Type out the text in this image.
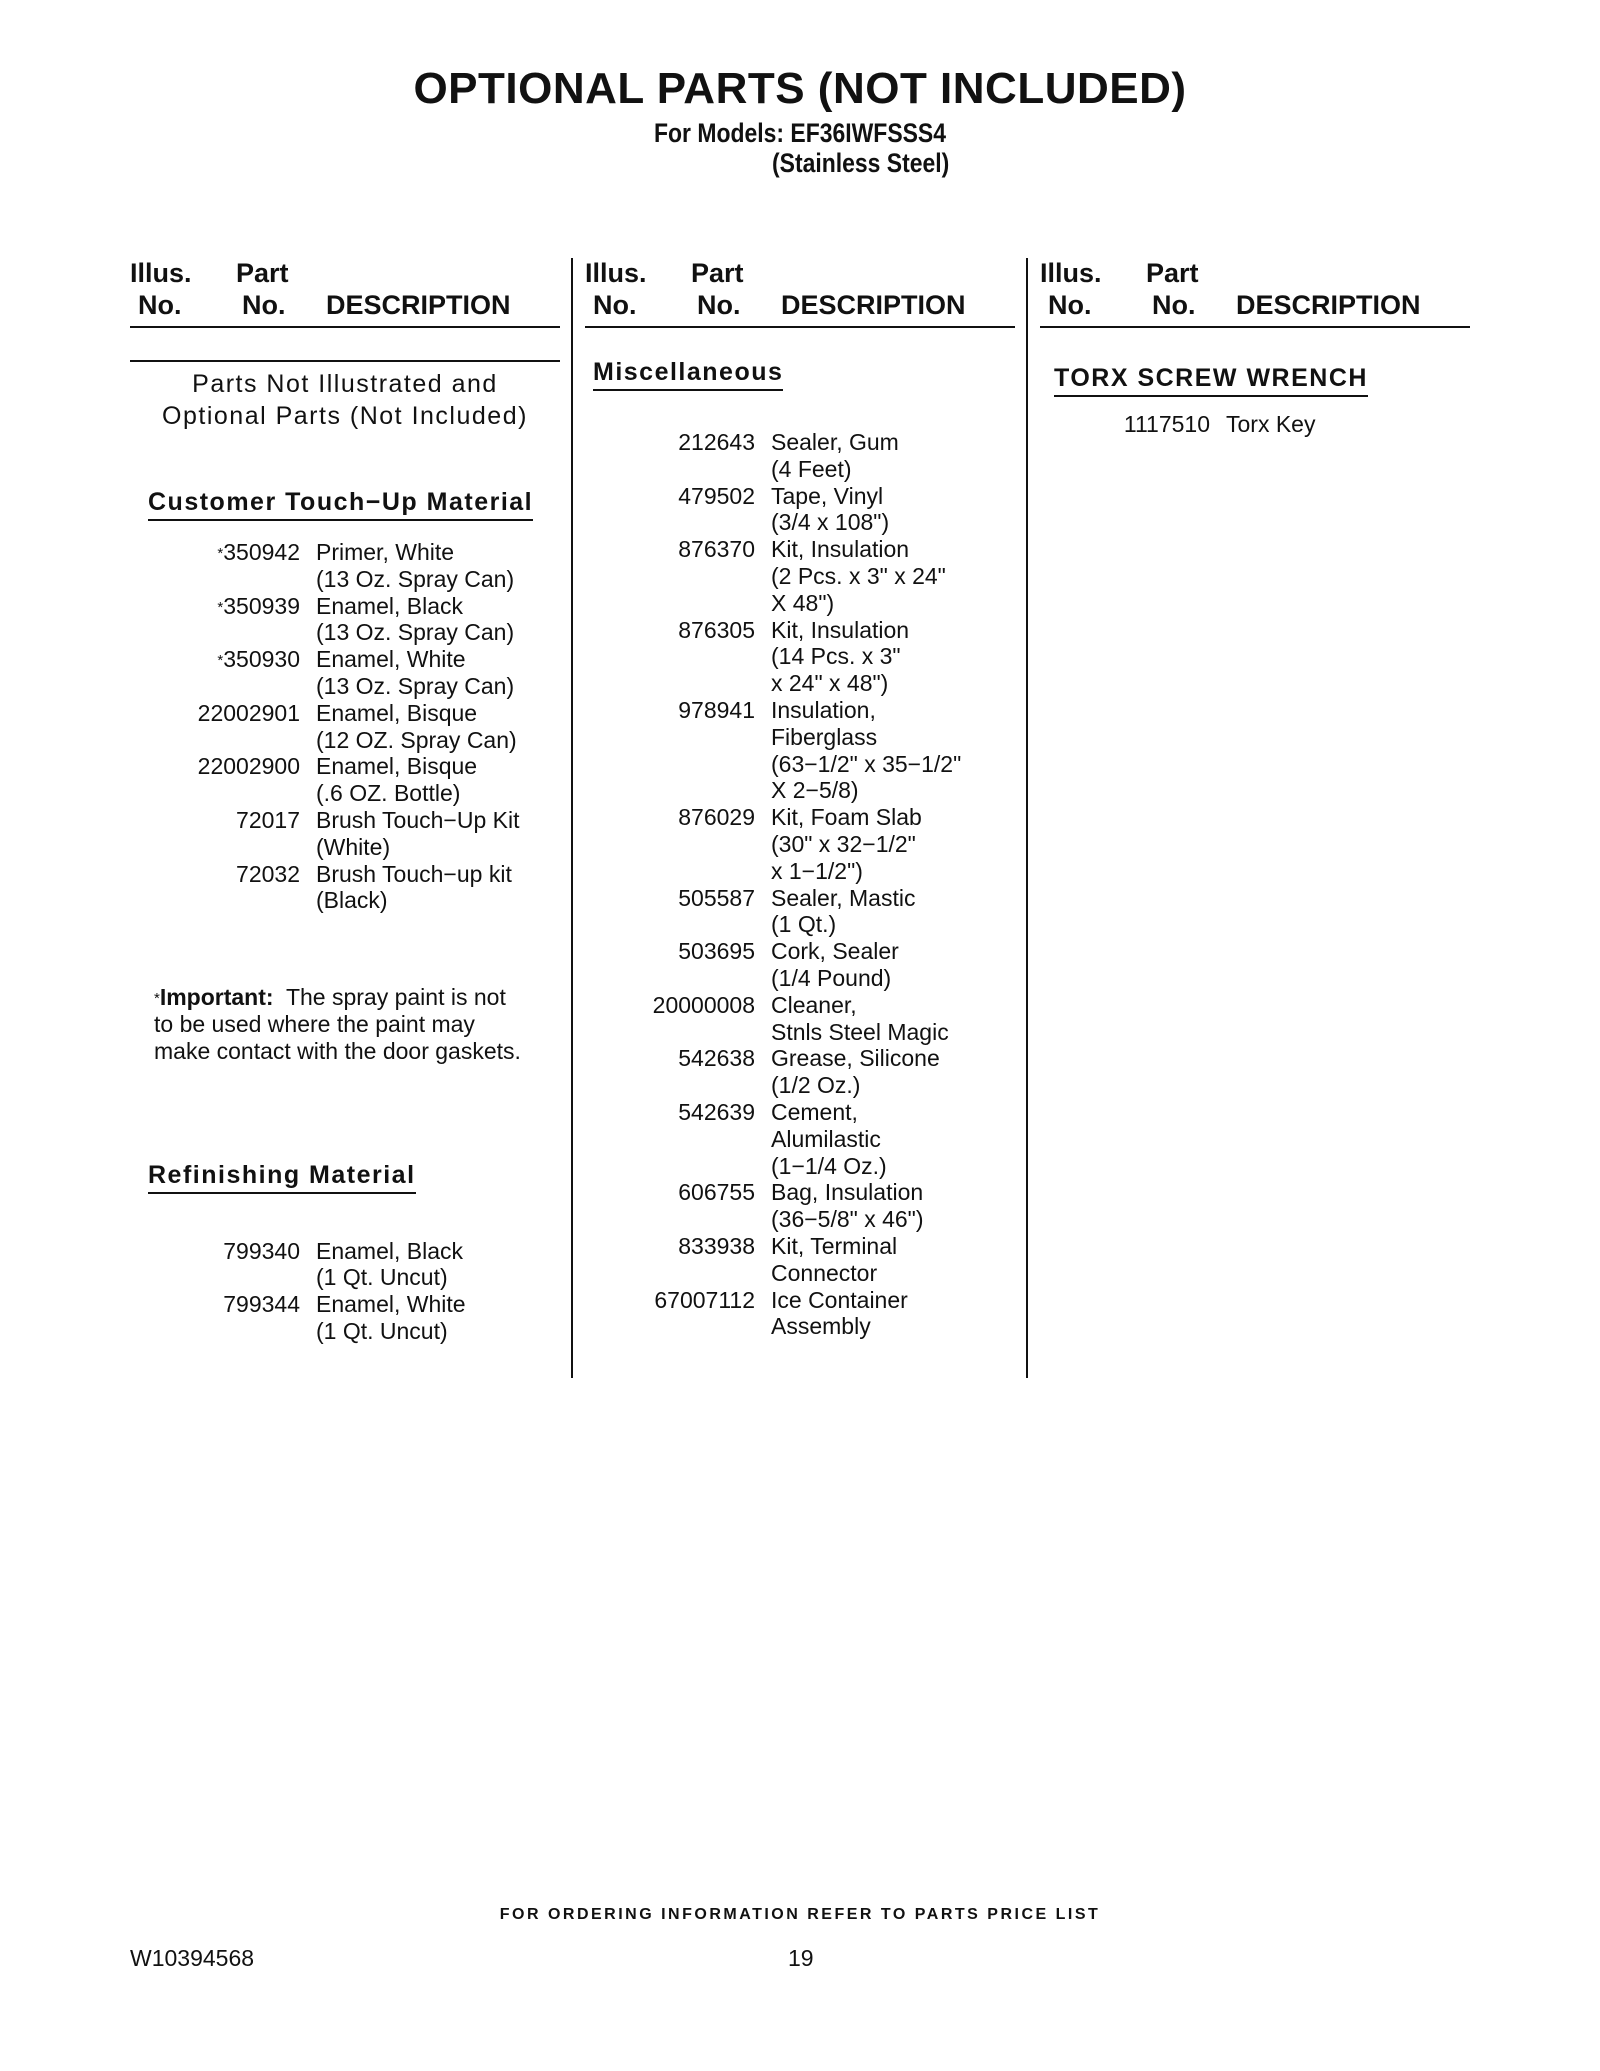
OPTIONAL PARTS (NOT INCLUDED)
For Models: EF36IWFSSS4
(Stainless Steel)
Illus.
No.
Part
No. DESCRIPTION
Parts Not Illustrated and
Optional Parts (Not Included)
Customer Touch−Up Material
*350942 Primer, White
(13 Oz. Spray Can)
*350939 Enamel, Black
(13 Oz. Spray Can)
*350930 Enamel, White
(13 Oz. Spray Can)
22002901 Enamel, Bisque
(12 OZ. Spray Can)
22002900 Enamel, Bisque
(.6 OZ. Bottle)
72017 Brush Touch−Up Kit
(White)
72032 Brush Touch−up kit
(Black)
*Important: The spray paint is not to be used where the paint may make contact with the door gaskets.
Refinishing Material
799340 Enamel, Black
(1 Qt. Uncut)
799344 Enamel, White
(1 Qt. Uncut)
Illus.
No.
Part
No. DESCRIPTION
Miscellaneous
212643 Sealer, Gum
(4 Feet)
479502 Tape, Vinyl
(3/4 x 108")
876370 Kit, Insulation
(2 Pcs. x 3" x 24"
X 48")
876305 Kit, Insulation
(14 Pcs. x 3"
x 24" x 48")
978941 Insulation,
Fiberglass
(63−1/2" x 35−1/2"
X 2−5/8)
876029 Kit, Foam Slab
(30" x 32−1/2"
x 1−1/2")
505587 Sealer, Mastic
(1 Qt.)
503695 Cork, Sealer
(1/4 Pound)
20000008 Cleaner,
Stnls Steel Magic
542638 Grease, Silicone
(1/2 Oz.)
542639 Cement,
Alumilastic
(1−1/4 Oz.)
606755 Bag, Insulation
(36−5/8" x 46")
833938 Kit, Terminal
Connector
67007112 Ice Container
Assembly
Illus.
No.
Part
No. DESCRIPTION
TORX SCREW WRENCH
1117510 Torx Key
FOR ORDERING INFORMATION REFER TO PARTS PRICE LIST
W10394568	19
